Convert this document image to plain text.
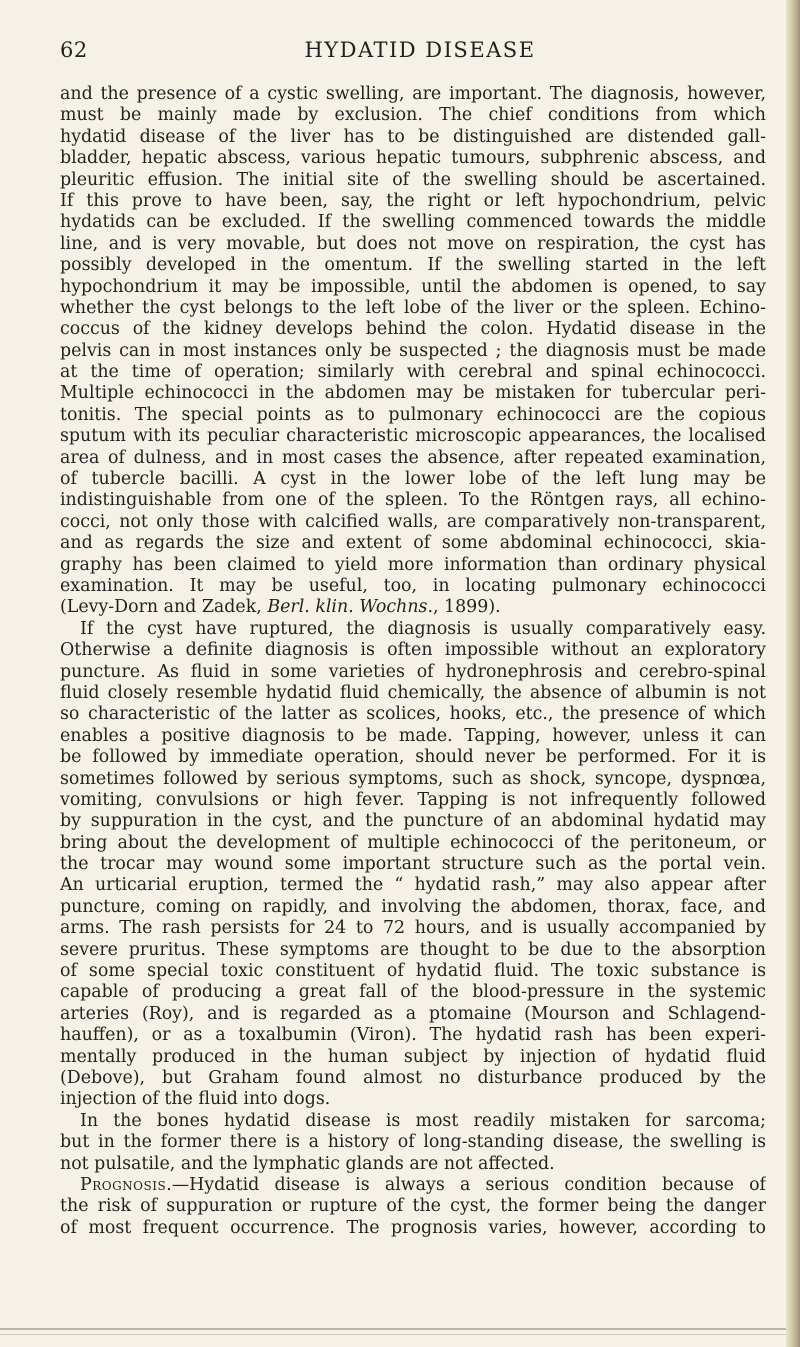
62	HYDATID DISEASE
and the presence of a cystic swelling, are important. The diagnosis, however,
must be mainly made by exclusion. The chief conditions from which
hydatid disease of the liver has to be distinguished are distended gall-
bladder, hepatic abscess, various hepatic tumours, subphrenic abscess, and
pleuritic effusion. The initial site of the swelling should be ascertained.
If this prove to have been, say, the right or left hypochondrium, pelvic
hydatids can be excluded. If the swelling commenced towards the middle
line, and is very movable, but does not move on respiration, the cyst has
possibly developed in the omentum. If the swelling started in the left
hypochondrium it may be impossible, until the abdomen is opened, to say
whether the cyst belongs to the left lobe of the liver or the spleen. Echino-
coccus of the kidney develops behind the colon. Hydatid disease in the
pelvis can in most instances only be suspected ; the diagnosis must be made
at the time of operation; similarly with cerebral and spinal echinococci.
Multiple echinococci in the abdomen may be mistaken for tubercular peri-
tonitis. The special points as to pulmonary echinococci are the copious
sputum with its peculiar characteristic microscopic appearances, the localised
area of dulness, and in most cases the absence, after repeated examination,
of tubercle bacilli. A cyst in the lower lobe of the left lung may be
indistinguishable from one of the spleen. To the Röntgen rays, all echino-
cocci, not only those with calcified walls, are comparatively non-transparent,
and as regards the size and extent of some abdominal echinococci, skia-
graphy has been claimed to yield more information than ordinary physical
examination. It may be useful, too, in locating pulmonary echinococci
(Levy-Dorn and Zadek, Berl. klin. Wochns., 1899).
If the cyst have ruptured, the diagnosis is usually comparatively easy.
Otherwise a definite diagnosis is often impossible without an exploratory
puncture. As fluid in some varieties of hydronephrosis and cerebro-spinal
fluid closely resemble hydatid fluid chemically, the absence of albumin is not
so characteristic of the latter as scolices, hooks, etc., the presence of which
enables a positive diagnosis to be made. Tapping, however, unless it can
be followed by immediate operation, should never be performed. For it is
sometimes followed by serious symptoms, such as shock, syncope, dyspnœa,
vomiting, convulsions or high fever. Tapping is not infrequently followed
by suppuration in the cyst, and the puncture of an abdominal hydatid may
bring about the development of multiple echinococci of the peritoneum, or
the trocar may wound some important structure such as the portal vein.
An urticarial eruption, termed the “ hydatid rash,” may also appear after
puncture, coming on rapidly, and involving the abdomen, thorax, face, and
arms. The rash persists for 24 to 72 hours, and is usually accompanied by
severe pruritus. These symptoms are thought to be due to the absorption
of some special toxic constituent of hydatid fluid. The toxic substance is
capable of producing a great fall of the blood-pressure in the systemic
arteries (Roy), and is regarded as a ptomaine (Mourson and Schlagend-
hauffen), or as a toxalbumin (Viron). The hydatid rash has been experi-
mentally produced in the human subject by injection of hydatid fluid
(Debove), but Graham found almost no disturbance produced by the
injection of the fluid into dogs.
In the bones hydatid disease is most readily mistaken for sarcoma;
but in the former there is a history of long-standing disease, the swelling is
not pulsatile, and the lymphatic glands are not affected.
Prognosis.—Hydatid disease is always a serious condition because of
the risk of suppuration or rupture of the cyst, the former being the danger
of most frequent occurrence. The prognosis varies, however, according to
